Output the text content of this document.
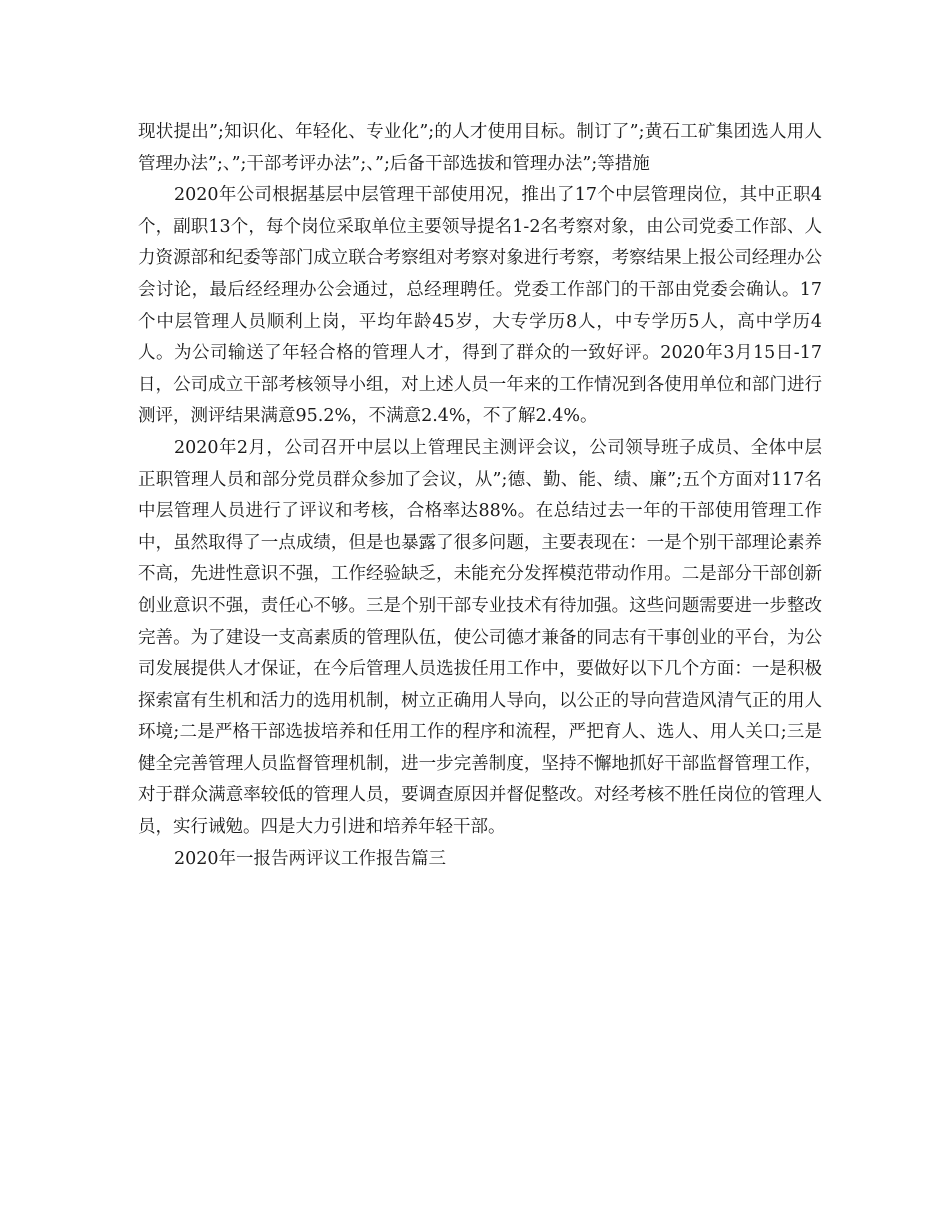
现状提出”;知识化、年轻化、专业化”;的人才使用目标。制订了”;黄石工矿集团选人用人管理办法”;、”;干部考评办法”;、”;后备干部选拔和管理办法”;等措施

2020年公司根据基层中层管理干部使用况，推出了17个中层管理岗位，其中正职4个，副职13个，每个岗位采取单位主要领导提名1-2名考察对象，由公司党委工作部、人力资源部和纪委等部门成立联合考察组对考察对象进行考察，考察结果上报公司经理办公会讨论，最后经经理办公会通过，总经理聘任。党委工作部门的干部由党委会确认。17个中层管理人员顺利上岗，平均年龄45岁，大专学历8人，中专学历5人，高中学历4人。为公司输送了年轻合格的管理人才，得到了群众的一致好评。2020年3月15日-17日，公司成立干部考核领导小组，对上述人员一年来的工作情况到各使用单位和部门进行测评，测评结果满意95.2%，不满意2.4%，不了解2.4%。

2020年2月，公司召开中层以上管理民主测评会议，公司领导班子成员、全体中层正职管理人员和部分党员群众参加了会议，从”;德、勤、能、绩、廉”;五个方面对117名中层管理人员进行了评议和考核，合格率达88%。在总结过去一年的干部使用管理工作中，虽然取得了一点成绩，但是也暴露了很多问题，主要表现在：一是个别干部理论素养不高，先进性意识不强，工作经验缺乏，未能充分发挥模范带动作用。二是部分干部创新创业意识不强，责任心不够。三是个别干部专业技术有待加强。这些问题需要进一步整改完善。为了建设一支高素质的管理队伍，使公司德才兼备的同志有干事创业的平台，为公司发展提供人才保证，在今后管理人员选拔任用工作中，要做好以下几个方面：一是积极探索富有生机和活力的选用机制，树立正确用人导向，以公正的导向营造风清气正的用人环境;二是严格干部选拔培养和任用工作的程序和流程，严把育人、选人、用人关口;三是健全完善管理人员监督管理机制，进一步完善制度，坚持不懈地抓好干部监督管理工作，对于群众满意率较低的管理人员，要调查原因并督促整改。对经考核不胜任岗位的管理人员，实行诫勉。四是大力引进和培养年轻干部。

2020年一报告两评议工作报告篇三
